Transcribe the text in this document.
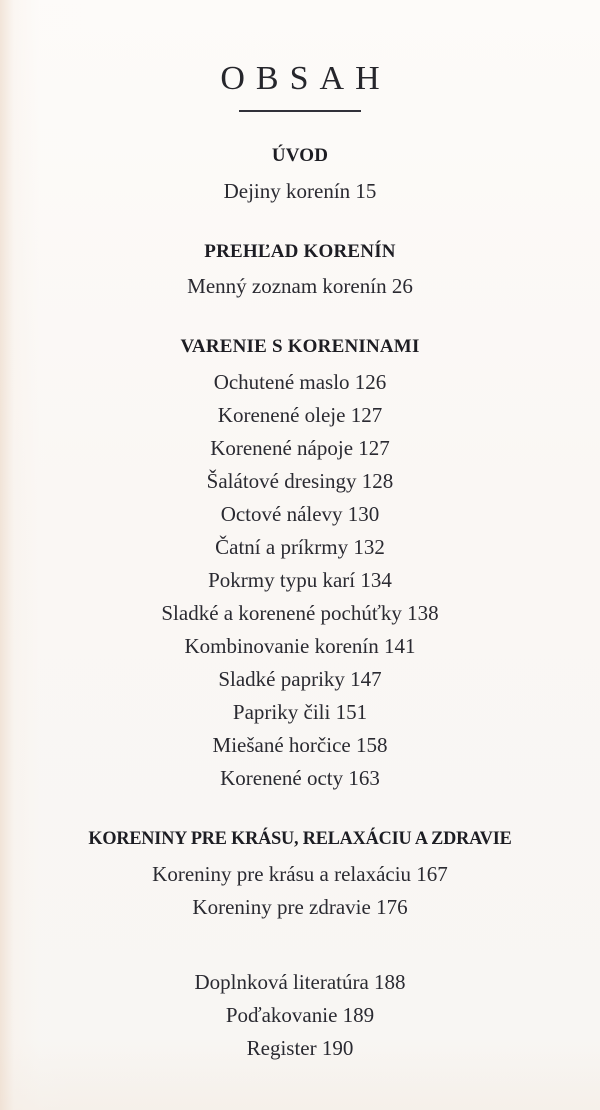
OBSAH
ÚVOD
Dejiny korenín 15
PREHĽAD KORENÍN
Menný zoznam korenín 26
VARENIE S KORENINAMI
Ochutené maslo 126
Korenené oleje 127
Korenené nápoje 127
Šalátové dresingy 128
Octové nálevy 130
Čatní a príkrmy 132
Pokrmy typu karí 134
Sladké a korenené pochúťky 138
Kombinovanie korenín 141
Sladké papriky 147
Papriky čili 151
Miešané horčice 158
Korenené octy 163
KORENINY PRE KRÁSU, RELAXÁCIU A ZDRAVIE
Koreniny pre krásu a relaxáciu 167
Koreniny pre zdravie 176
Doplnková literatúra 188
Poďakovanie 189
Register 190
